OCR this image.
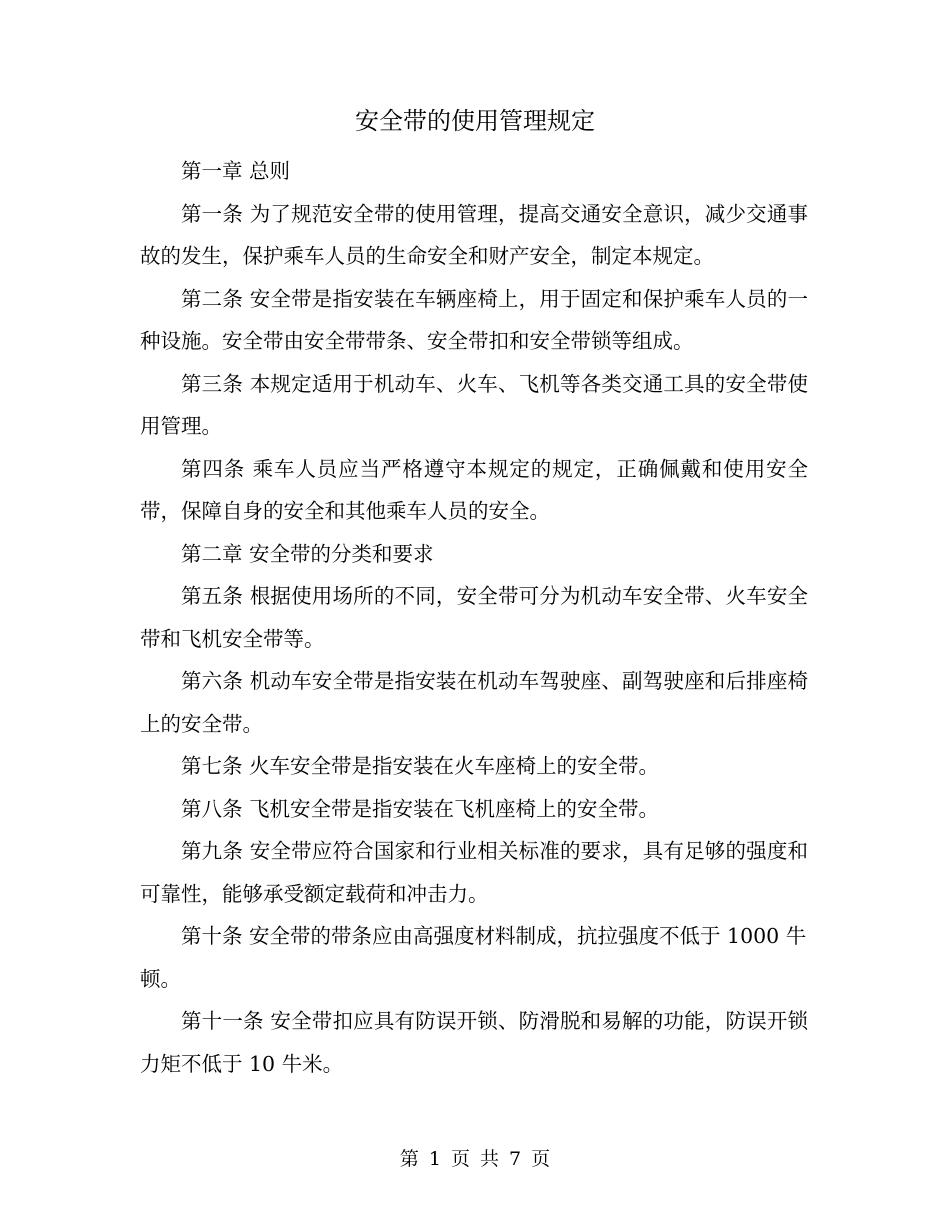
安全带的使用管理规定

第一章 总则

第一条 为了规范安全带的使用管理，提高交通安全意识，减少交通事故的发生，保护乘车人员的生命安全和财产安全，制定本规定。

第二条 安全带是指安装在车辆座椅上，用于固定和保护乘车人员的一种设施。安全带由安全带带条、安全带扣和安全带锁等组成。

第三条 本规定适用于机动车、火车、飞机等各类交通工具的安全带使用管理。

第四条 乘车人员应当严格遵守本规定的规定，正确佩戴和使用安全带，保障自身的安全和其他乘车人员的安全。

第二章 安全带的分类和要求

第五条 根据使用场所的不同，安全带可分为机动车安全带、火车安全带和飞机安全带等。

第六条 机动车安全带是指安装在机动车驾驶座、副驾驶座和后排座椅上的安全带。

第七条 火车安全带是指安装在火车座椅上的安全带。

第八条 飞机安全带是指安装在飞机座椅上的安全带。

第九条 安全带应符合国家和行业相关标准的要求，具有足够的强度和可靠性，能够承受额定载荷和冲击力。

第十条 安全带的带条应由高强度材料制成，抗拉强度不低于 1000 牛顿。

第十一条 安全带扣应具有防误开锁、防滑脱和易解的功能，防误开锁力矩不低于 10 牛米。

第 1 页 共 7 页
